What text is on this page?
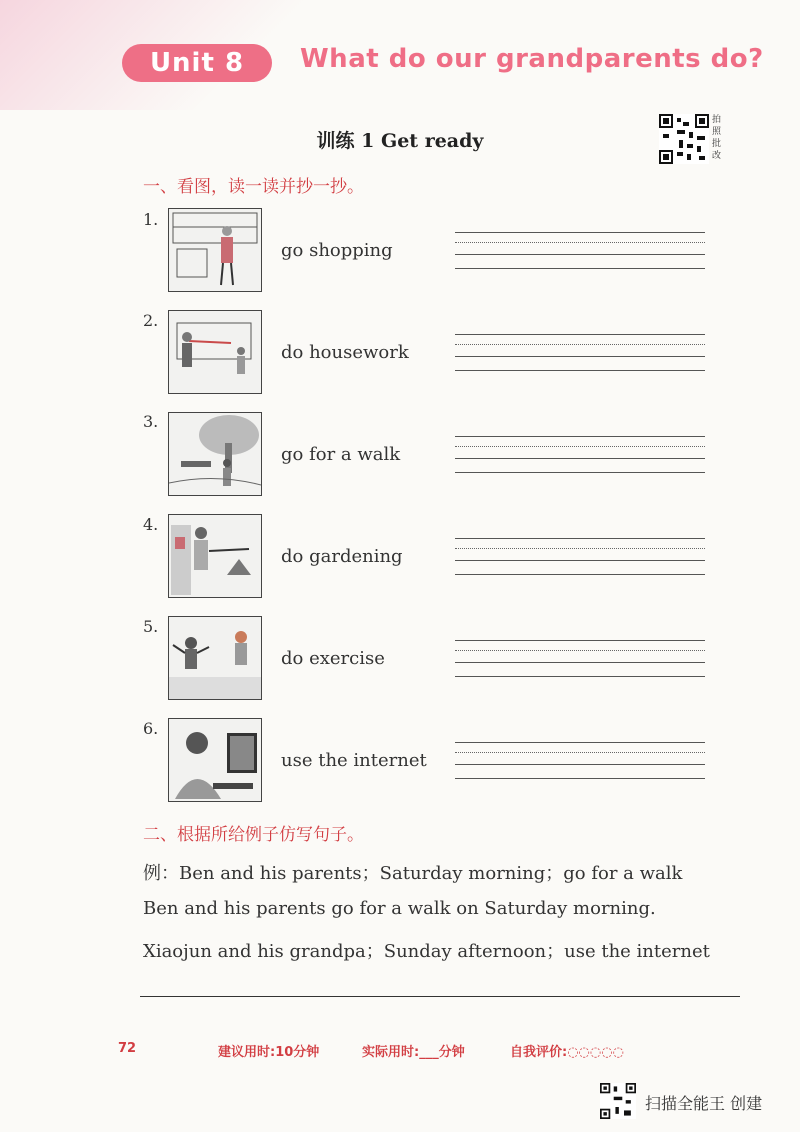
Unit 8 What do our grandparents do?
训练 1 Get ready
拍照批改
一、看图，读一读并抄一抄。
1.
go shopping
2.
do housework
3.
go for a walk
4.
do gardening
5.
do exercise
6.
use the internet
二、根据所给例子仿写句子。
例：Ben and his parents；Saturday morning；go for a walk
Ben and his parents go for a walk on Saturday morning.
Xiaojun and his grandpa；Sunday afternoon；use the internet
72	建议用时:10分钟	实际用时:___分钟	自我评价:◌◌◌◌◌
扫描全能王 创建
